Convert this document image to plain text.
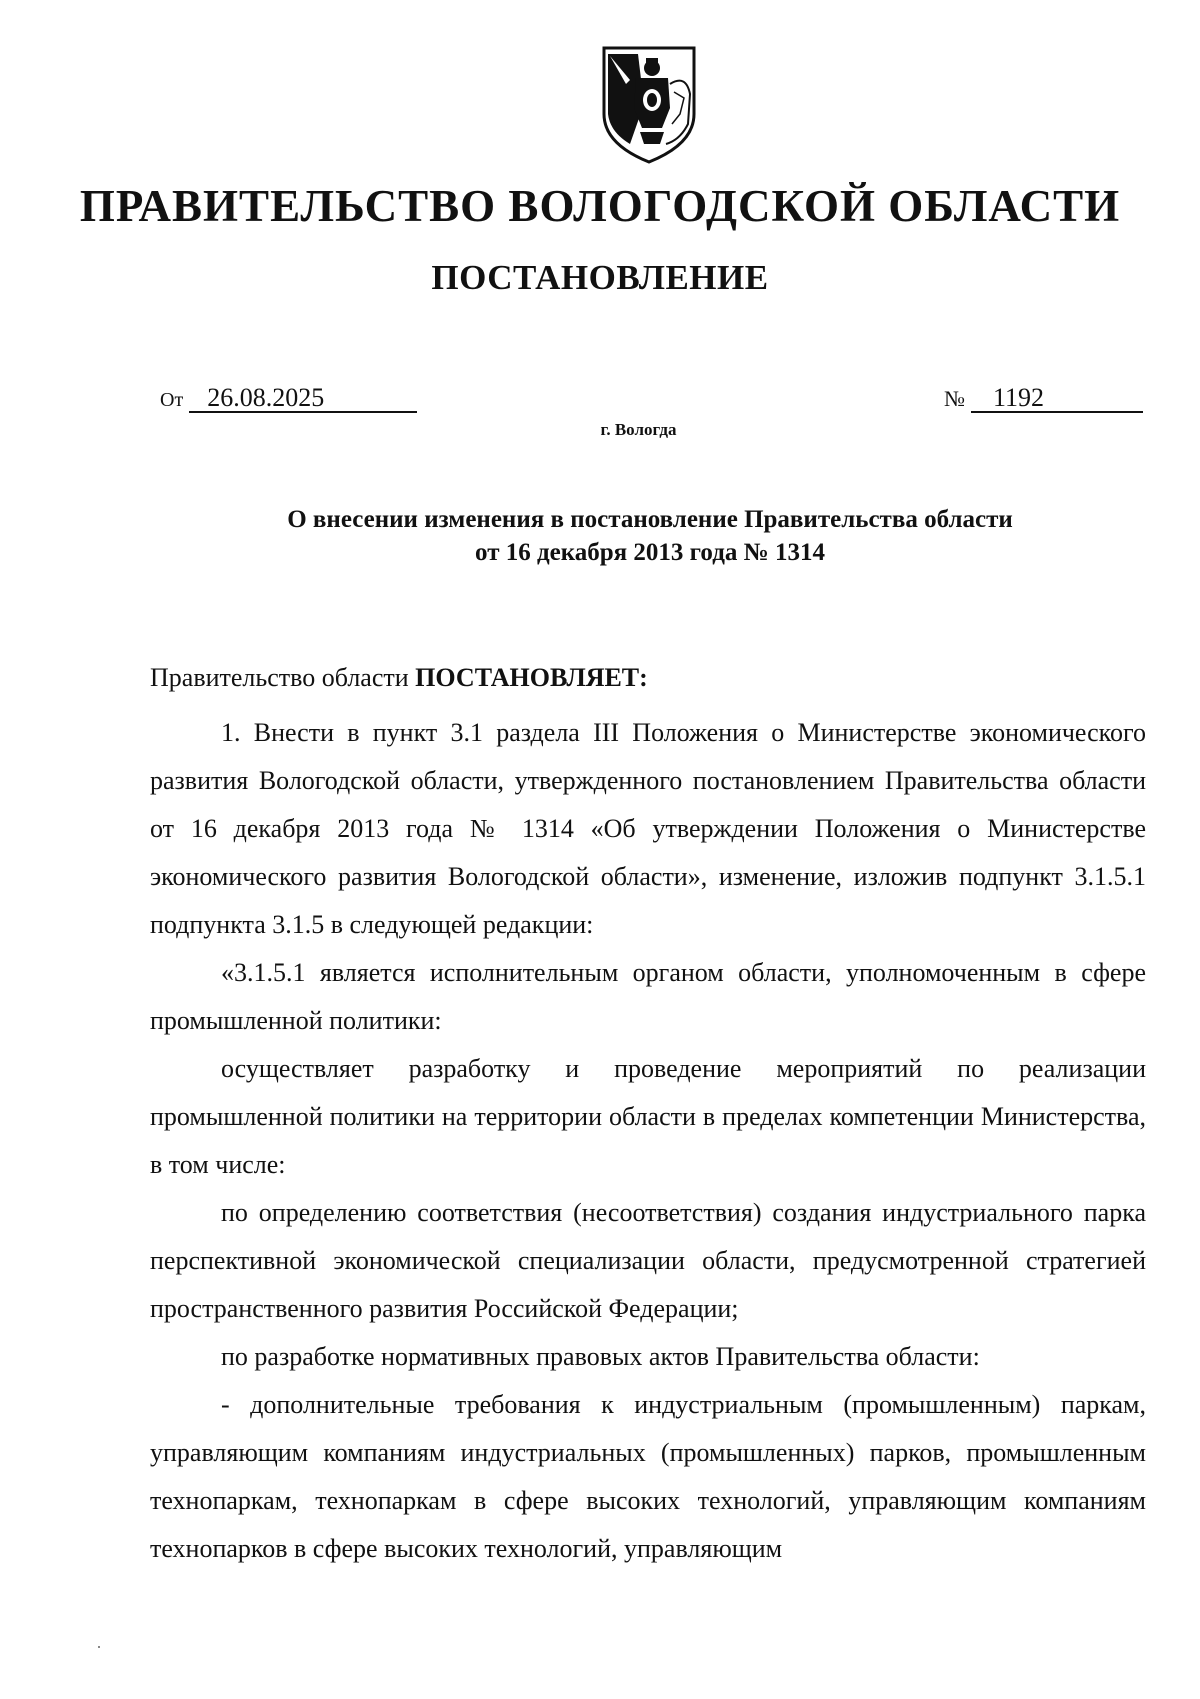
ПРАВИТЕЛЬСТВО ВОЛОГОДСКОЙ ОБЛАСТИ
ПОСТАНОВЛЕНИЕ
От 26.08.2025	№ 1192
г. Вологда
О внесении изменения в постановление Правительства области
от 16 декабря 2013 года № 1314

Правительство области ПОСТАНОВЛЯЕТ:

1. Внести в пункт 3.1 раздела III Положения о Министерстве экономического развития Вологодской области, утвержденного постановлением Правительства области от 16 декабря 2013 года № 1314 «Об утверждении Положения о Министерстве экономического развития Вологодской области», изменение, изложив подпункт 3.1.5.1 подпункта 3.1.5 в следующей редакции:

«3.1.5.1 является исполнительным органом области, уполномоченным в сфере промышленной политики:

осуществляет разработку и проведение мероприятий по реализации промышленной политики на территории области в пределах компетенции Министерства, в том числе:

по определению соответствия (несоответствия) создания индустриального парка перспективной экономической специализации области, предусмотренной стратегией пространственного развития Российской Федерации;

по разработке нормативных правовых актов Правительства области:

- дополнительные требования к индустриальным (промышленным) паркам, управляющим компаниям индустриальных (промышленных) парков, промышленным технопаркам, технопаркам в сфере высоких технологий, управляющим компаниям технопарков в сфере высоких технологий, управляющим
